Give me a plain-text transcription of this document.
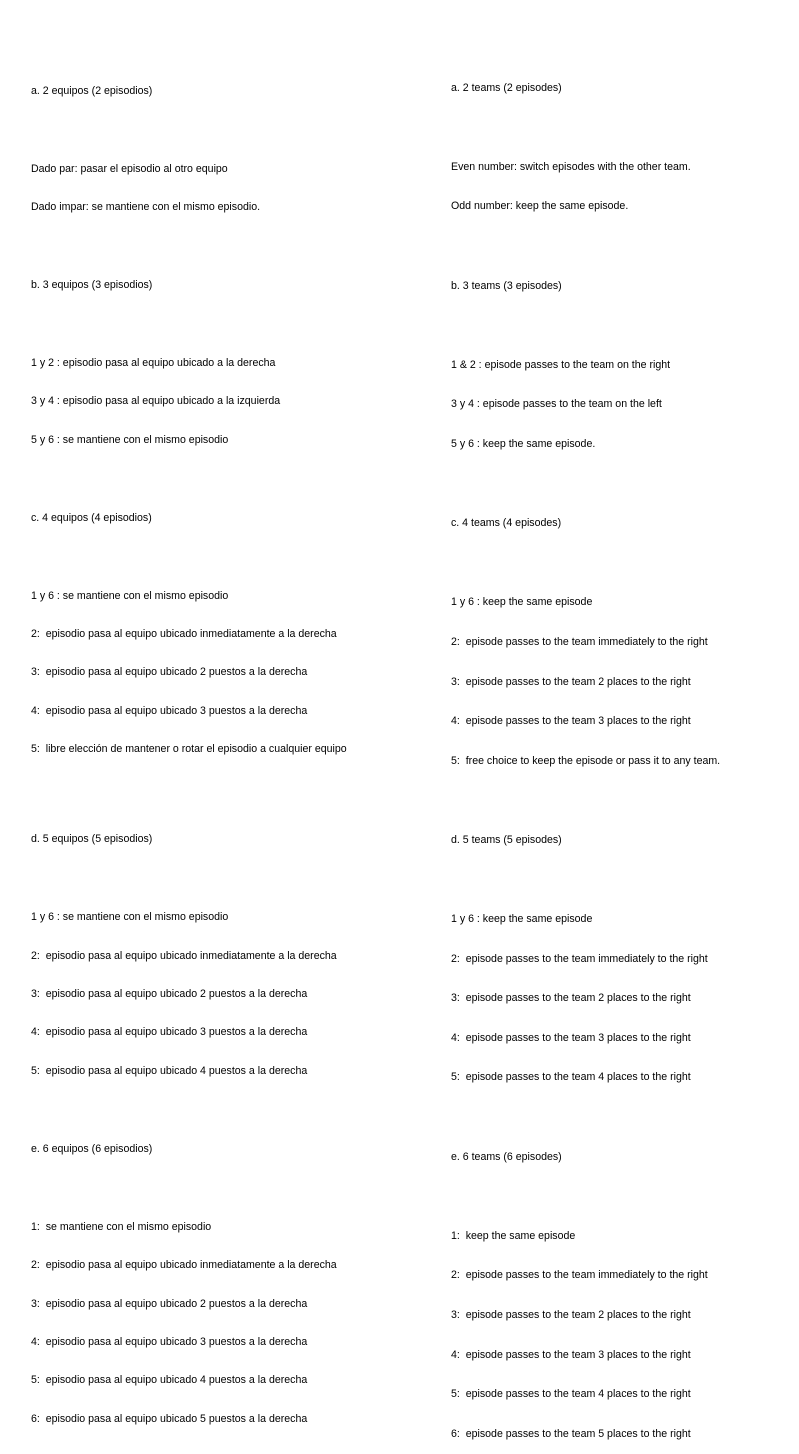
a. 2 equipos (2 episodios)

Dado par: pasar el episodio al otro equipo

Dado impar: se mantiene con el mismo episodio.

b. 3 equipos (3 episodios)

1 y 2 : episodio pasa al equipo ubicado a la derecha

3 y 4 : episodio pasa al equipo ubicado a la izquierda

5 y 6 : se mantiene con el mismo episodio

c. 4 equipos (4 episodios)

1 y 6 : se mantiene con el mismo episodio

2:  episodio pasa al equipo ubicado inmediatamente a la derecha

3:  episodio pasa al equipo ubicado 2 puestos a la derecha

4:  episodio pasa al equipo ubicado 3 puestos a la derecha

5:  libre elección de mantener o rotar el episodio a cualquier equipo

d. 5 equipos (5 episodios)

1 y 6 : se mantiene con el mismo episodio

2:  episodio pasa al equipo ubicado inmediatamente a la derecha

3:  episodio pasa al equipo ubicado 2 puestos a la derecha

4:  episodio pasa al equipo ubicado 3 puestos a la derecha

5:  episodio pasa al equipo ubicado 4 puestos a la derecha

e. 6 equipos (6 episodios)

1:  se mantiene con el mismo episodio

2:  episodio pasa al equipo ubicado inmediatamente a la derecha

3:  episodio pasa al equipo ubicado 2 puestos a la derecha

4:  episodio pasa al equipo ubicado 3 puestos a la derecha

5:  episodio pasa al equipo ubicado 4 puestos a la derecha

6:  episodio pasa al equipo ubicado 5 puestos a la derecha

a. 2 teams (2 episodes)

Even number: switch episodes with the other team.

Odd number: keep the same episode.

b. 3 teams (3 episodes)

1 & 2 : episode passes to the team on the right

3 y 4 : episode passes to the team on the left

5 y 6 : keep the same episode.

c. 4 teams (4 episodes)

1 y 6 : keep the same episode

2:  episode passes to the team immediately to the right

3:  episode passes to the team 2 places to the right

4:  episode passes to the team 3 places to the right

5:  free choice to keep the episode or pass it to any team.

d. 5 teams (5 episodes)

1 y 6 : keep the same episode

2:  episode passes to the team immediately to the right

3:  episode passes to the team 2 places to the right

4:  episode passes to the team 3 places to the right

5:  episode passes to the team 4 places to the right

e. 6 teams (6 episodes)

1:  keep the same episode

2:  episode passes to the team immediately to the right

3:  episode passes to the team 2 places to the right

4:  episode passes to the team 3 places to the right

5:  episode passes to the team 4 places to the right

6:  episode passes to the team 5 places to the right
